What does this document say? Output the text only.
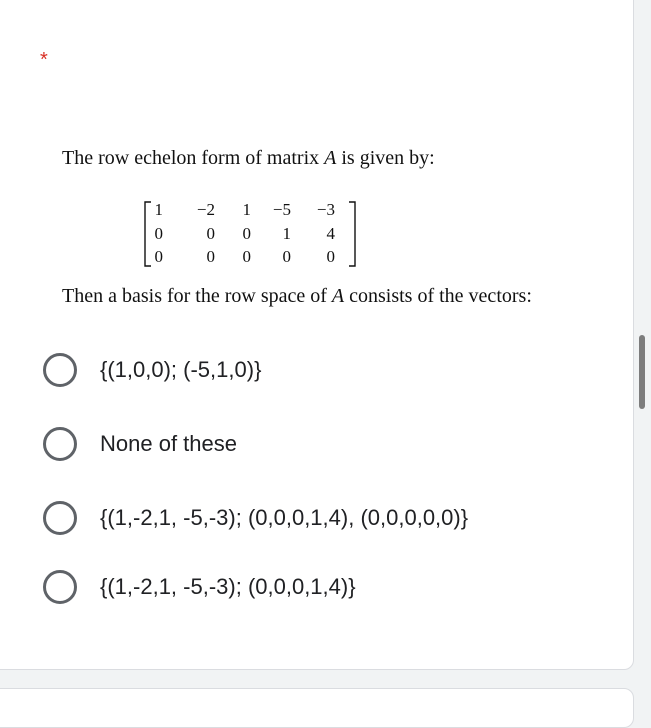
*
The row echelon form of matrix A is given by:
1	−2	1	−5	−3
0	0	0	1	4
0	0	0	0	0
Then a basis for the row space of A consists of the vectors:
{(1,0,0); (-5,1,0)}
None of these
{(1,-2,1, -5,-3); (0,0,0,1,4), (0,0,0,0,0)}
{(1,-2,1, -5,-3); (0,0,0,1,4)}
